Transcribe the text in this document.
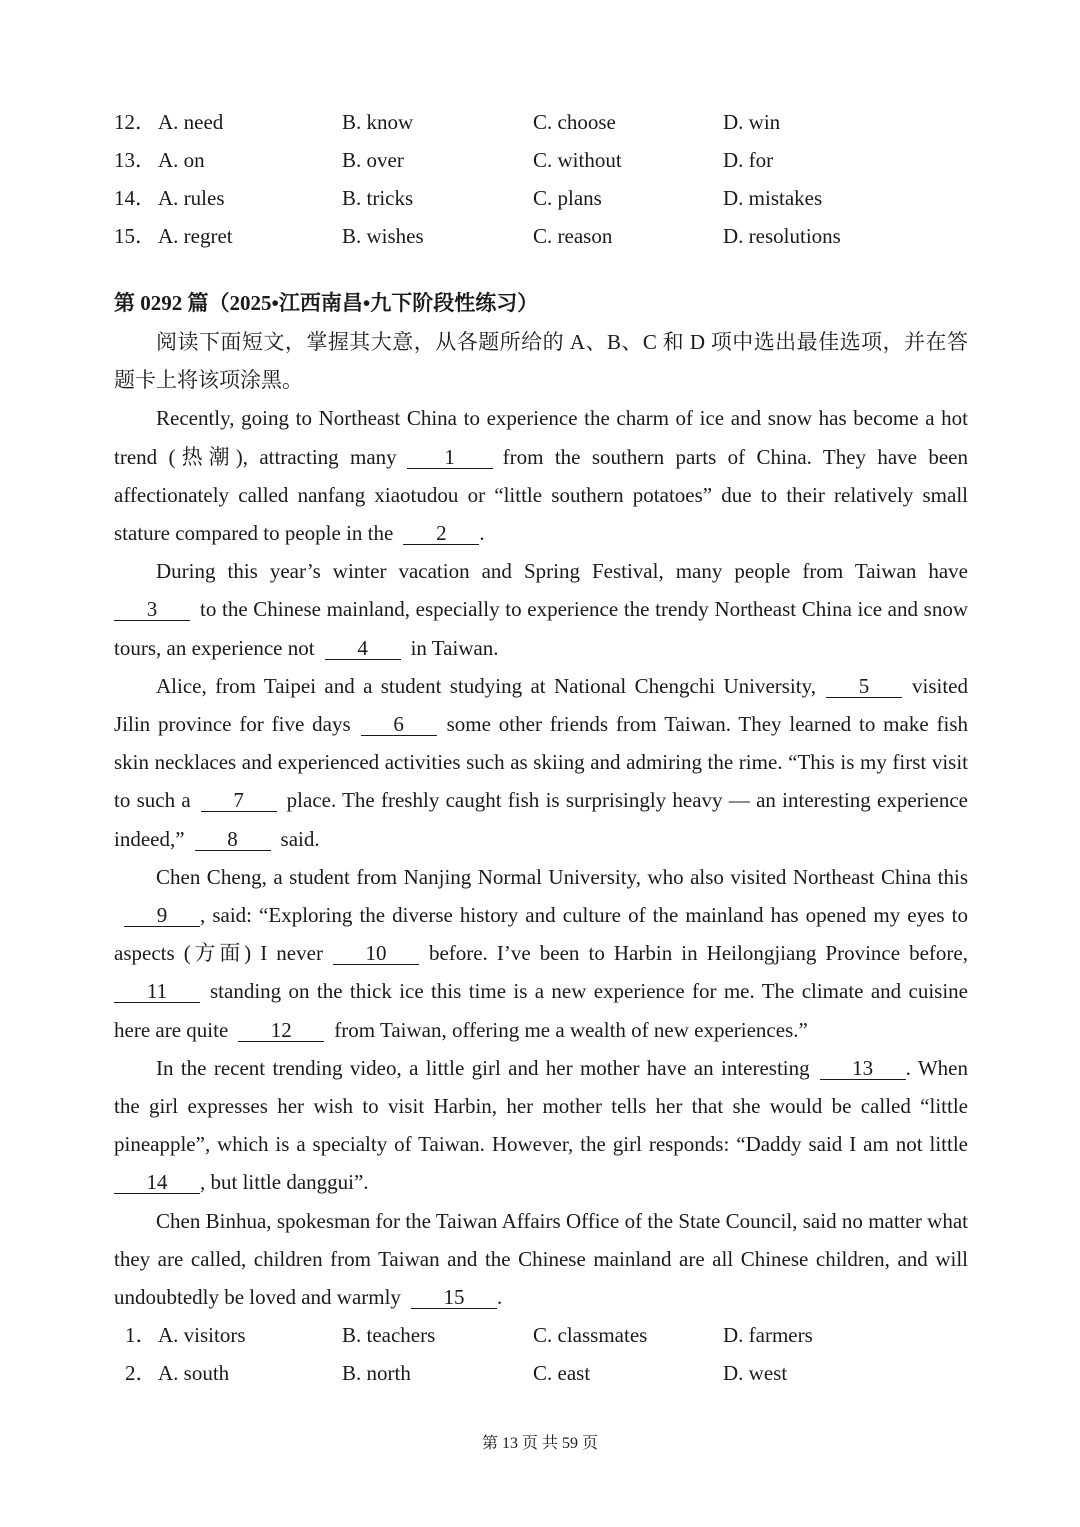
12． A. need	B. know	C. choose	D. win
13． A. on	B. over	C. without	D. for
14． A. rules	B. tricks	C. plans	D. mistakes
15． A. regret	B. wishes	C. reason	D. resolutions
第 0292 篇（2025•江西南昌•九下阶段性练习）

阅读下面短文，掌握其大意，从各题所给的 A、B、C 和 D 项中选出最佳选项，并在答题卡上将该项涂黑。

Recently, going to Northeast China to experience the charm of ice and snow has become a hot trend (热潮), attracting many 1 from the southern parts of China. They have been affectionately called nanfang xiaotudou or “little southern potatoes” due to their relatively small stature compared to people in the 2 .

During this year’s winter vacation and Spring Festival, many people from Taiwan have 3 to the Chinese mainland, especially to experience the trendy Northeast China ice and snow tours, an experience not 4 in Taiwan.

Alice, from Taipei and a student studying at National Chengchi University, 5 visited Jilin province for five days 6 some other friends from Taiwan. They learned to make fish skin necklaces and experienced activities such as skiing and admiring the rime. “This is my first visit to such a 7 place. The freshly caught fish is surprisingly heavy — an interesting experience indeed,” 8 said.

Chen Cheng, a student from Nanjing Normal University, who also visited Northeast China this9 , said: “Exploring the diverse history and culture of the mainland has opened my eyes to aspects (方面) I never 10 before. I’ve been to Harbin in Heilongjiang Province before, 11 standing on the thick ice this time is a new experience for me. The climate and cuisine here are quite 12 from Taiwan, offering me a wealth of new experiences.”

In the recent trending video, a little girl and her mother have an interesting 13 . When the girl expresses her wish to visit Harbin, her mother tells her that she would be called “little pineapple”, which is a specialty of Taiwan. However, the girl responds: “Daddy said I am not little 14 , but little danggui”.

Chen Binhua, spokesman for the Taiwan Affairs Office of the State Council, said no matter what they are called, children from Taiwan and the Chinese mainland are all Chinese children, and will undoubtedly be loved and warmly 15 .

1． A. visitors	B. teachers	C. classmates	D. farmers
2． A. south	B. north	C. east	D. west
第 13 页 共 59 页
